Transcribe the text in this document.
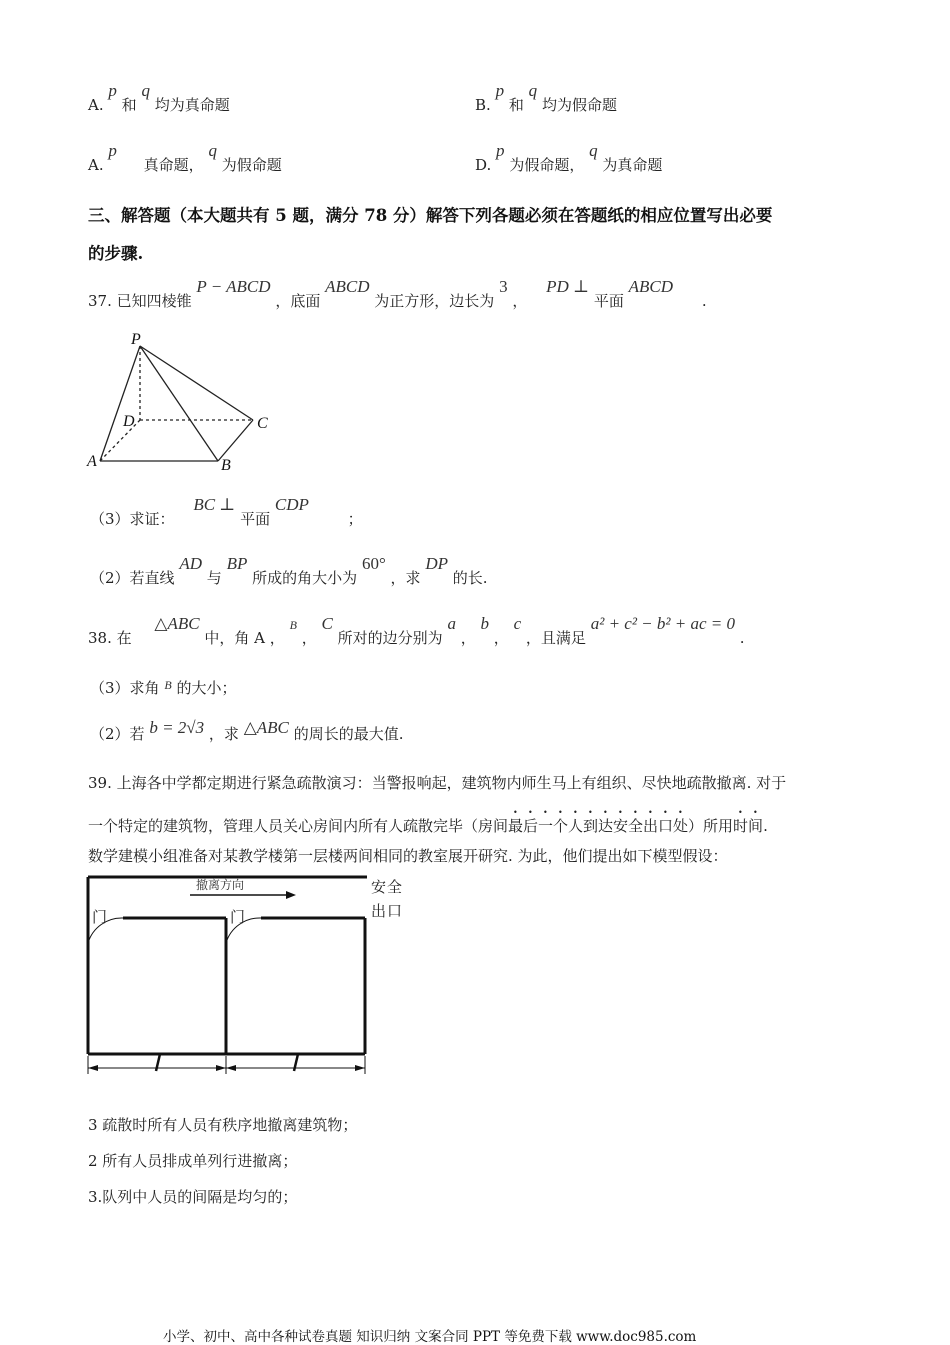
A. p 和 q 均为真命题	B. p 和 q 均为假命题
A. p 真命题， q 为假命题	D. p 为假命题， q 为真命题
三、解答题（本大题共有 5 题，满分 78 分）解答下列各题必须在答题纸的相应位置写出必要
的步骤.
37. 已知四棱锥 P − ABCD ，底面 ABCD 为正方形，边长为 3 ， PD ⊥ 平面 ABCD .
P
D	C
A	B
（3）求证： BC ⊥ 平面 CDP ；
（2）若直线 AD 与 BP 所成的角大小为 60° ，求 DP 的长.
38. 在 △ABC 中，角 A ， $^B$ ， C 所对的边分别为 a ， b ， c ，且满足 a² + c² − b² + ac = 0 .
（3）求角 $^B$ 的大小；
（2）若 b = 2√3 ，求 △ABC 的周长的最大值.
39. 上海各中学都定期进行紧急疏散演习：当警报响起，建筑物内师生马上有组织、尽快地疏散撤离. 对于
一个特定的建筑物，管理人员关心房间内所有人疏散完毕（房间最后一个人到达安全出口处）所用时间.
数学建模小组准备对某教学楼第一层楼两间相同的教室展开研究. 为此，他们提出如下模型假设：
撤离方向
门	门
安全
出口
3 疏散时所有人员有秩序地撤离建筑物；
2 所有人员排成单列行进撤离；
3.队列中人员的间隔是均匀的；
小学、初中、高中各种试卷真题 知识归纳 文案合同 PPT 等免费下载 www.doc985.com
